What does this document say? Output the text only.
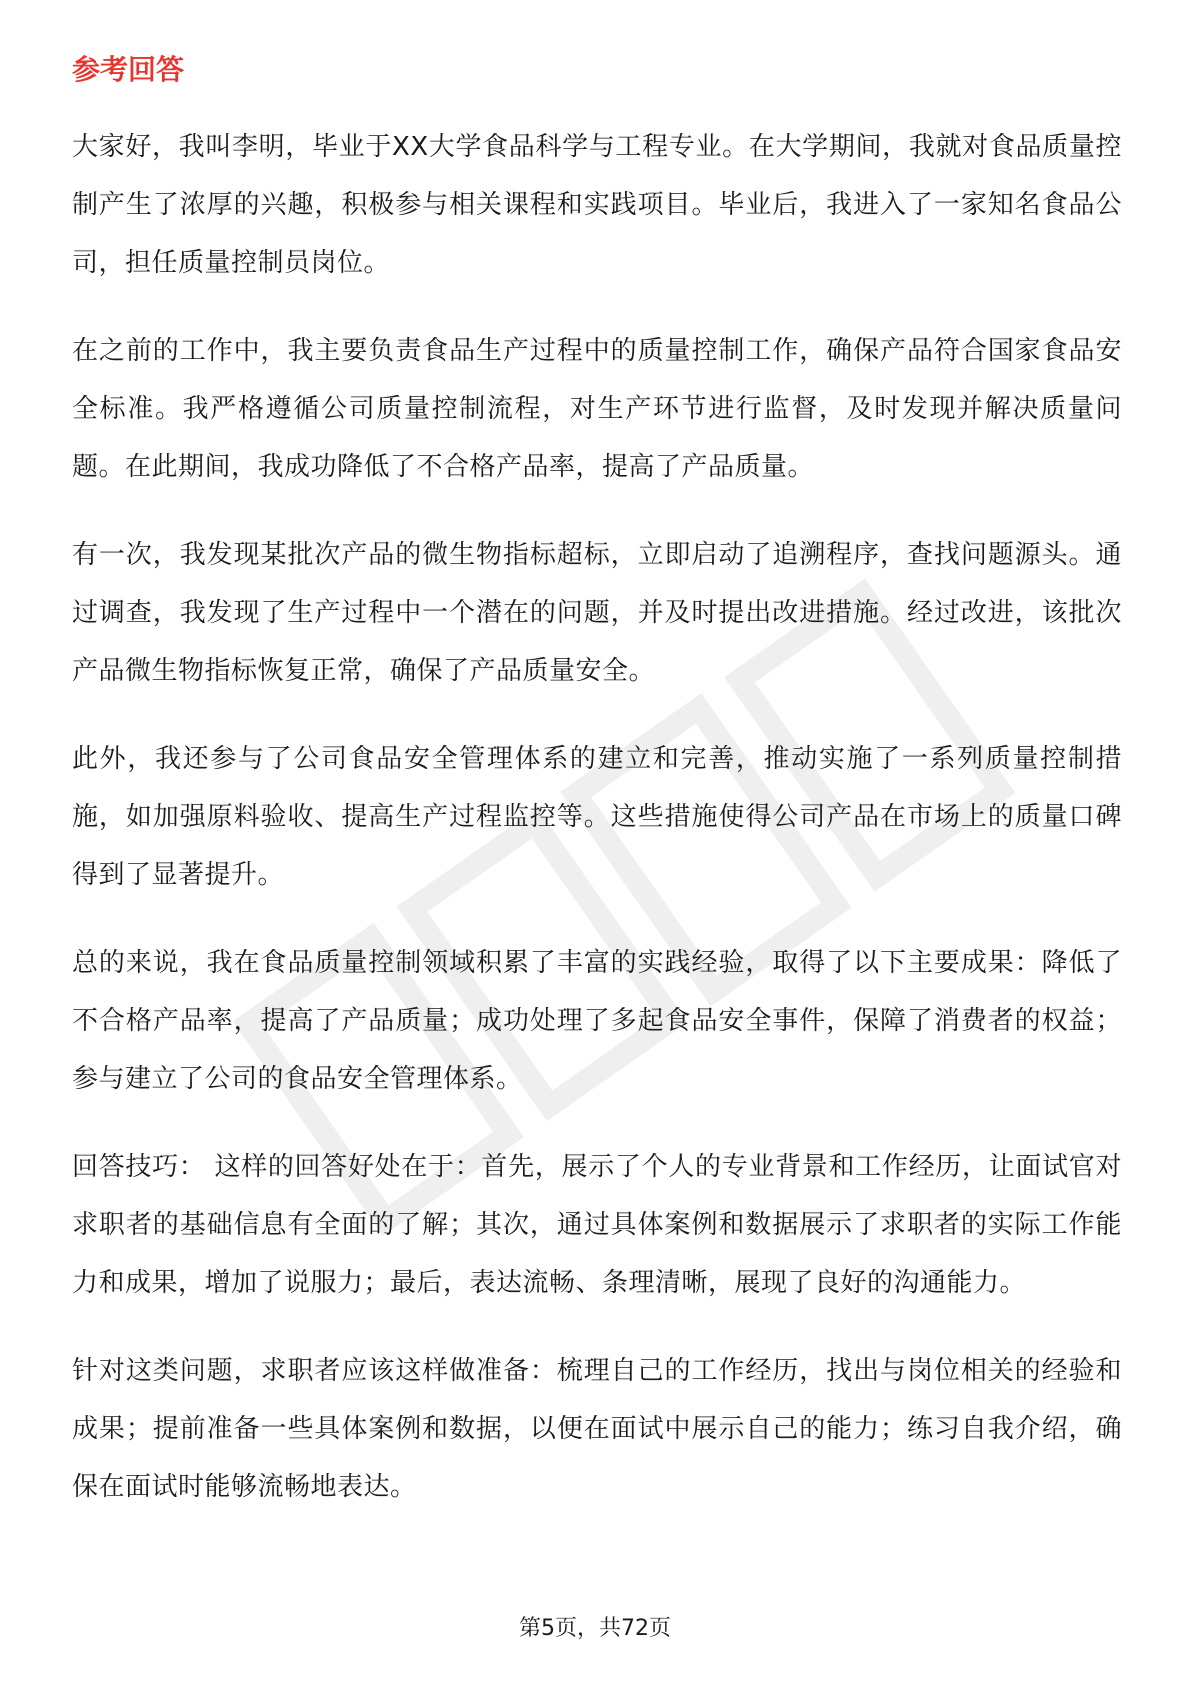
参考回答

大家好，我叫李明，毕业于XX大学食品科学与工程专业。在大学期间，我就对食品质量控制产生了浓厚的兴趣，积极参与相关课程和实践项目。毕业后，我进入了一家知名食品公司，担任质量控制员岗位。

在之前的工作中，我主要负责食品生产过程中的质量控制工作，确保产品符合国家食品安全标准。我严格遵循公司质量控制流程，对生产环节进行监督，及时发现并解决质量问题。在此期间，我成功降低了不合格产品率，提高了产品质量。

有一次，我发现某批次产品的微生物指标超标，立即启动了追溯程序，查找问题源头。通过调查，我发现了生产过程中一个潜在的问题，并及时提出改进措施。经过改进，该批次产品微生物指标恢复正常，确保了产品质量安全。

此外，我还参与了公司食品安全管理体系的建立和完善，推动实施了一系列质量控制措施，如加强原料验收、提高生产过程监控等。这些措施使得公司产品在市场上的质量口碑得到了显著提升。

总的来说，我在食品质量控制领域积累了丰富的实践经验，取得了以下主要成果：降低了不合格产品率，提高了产品质量；成功处理了多起食品安全事件，保障了消费者的权益；参与建立了公司的食品安全管理体系。

回答技巧： 这样的回答好处在于：首先，展示了个人的专业背景和工作经历，让面试官对求职者的基础信息有全面的了解；其次，通过具体案例和数据展示了求职者的实际工作能力和成果，增加了说服力；最后，表达流畅、条理清晰，展现了良好的沟通能力。

针对这类问题，求职者应该这样做准备：梳理自己的工作经历，找出与岗位相关的经验和成果；提前准备一些具体案例和数据，以便在面试中展示自己的能力；练习自我介绍，确保在面试时能够流畅地表达。

第5页，共72页
